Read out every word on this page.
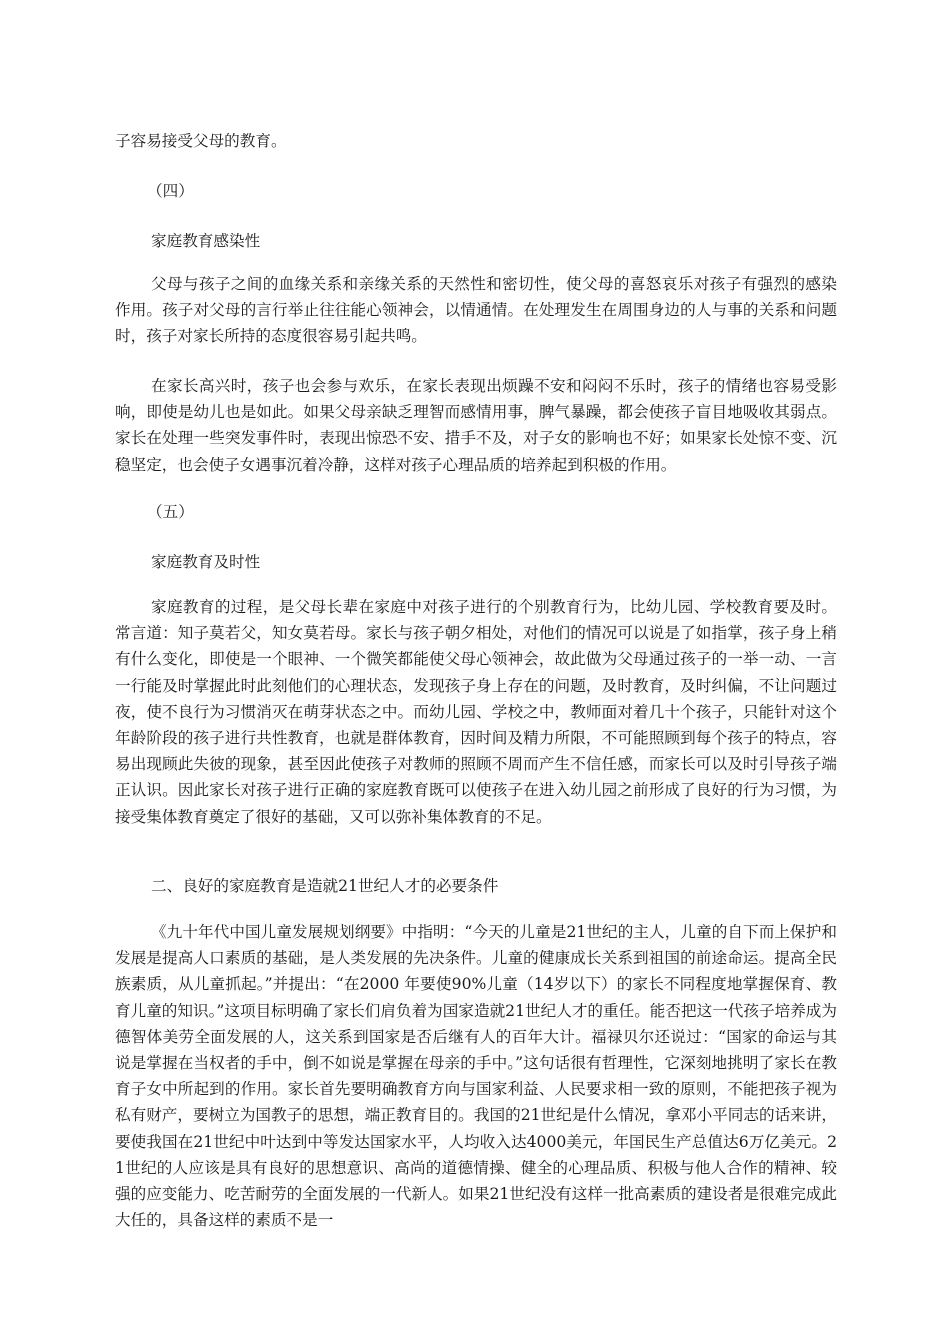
子容易接受父母的教育。

（四）

家庭教育感染性

父母与孩子之间的血缘关系和亲缘关系的天然性和密切性，使父母的喜怒哀乐对孩子有强烈的感染作用。孩子对父母的言行举止往往能心领神会，以情通情。在处理发生在周围身边的人与事的关系和问题时，孩子对家长所持的态度很容易引起共鸣。

在家长高兴时，孩子也会参与欢乐，在家长表现出烦躁不安和闷闷不乐时，孩子的情绪也容易受影响，即使是幼儿也是如此。如果父母亲缺乏理智而感情用事，脾气暴躁，都会使孩子盲目地吸收其弱点。家长在处理一些突发事件时，表现出惊恐不安、措手不及，对子女的影响也不好；如果家长处惊不变、沉稳坚定，也会使子女遇事沉着冷静，这样对孩子心理品质的培养起到积极的作用。

（五）

家庭教育及时性

家庭教育的过程，是父母长辈在家庭中对孩子进行的个别教育行为，比幼儿园、学校教育要及时。常言道：知子莫若父，知女莫若母。家长与孩子朝夕相处，对他们的情况可以说是了如指掌，孩子身上稍有什么变化，即使是一个眼神、一个微笑都能使父母心领神会，故此做为父母通过孩子的一举一动、一言一行能及时掌握此时此刻他们的心理状态，发现孩子身上存在的问题，及时教育，及时纠偏，不让问题过夜，使不良行为习惯消灭在萌芽状态之中。而幼儿园、学校之中，教师面对着几十个孩子，只能针对这个年龄阶段的孩子进行共性教育，也就是群体教育，因时间及精力所限，不可能照顾到每个孩子的特点，容易出现顾此失彼的现象，甚至因此使孩子对教师的照顾不周而产生不信任感，而家长可以及时引导孩子端正认识。因此家长对孩子进行正确的家庭教育既可以使孩子在进入幼儿园之前形成了良好的行为习惯，为接受集体教育奠定了很好的基础，又可以弥补集体教育的不足。

二、良好的家庭教育是造就21世纪人才的必要条件

《九十年代中国儿童发展规划纲要》中指明：“今天的儿童是21世纪的主人，儿童的自下而上保护和发展是提高人口素质的基础，是人类发展的先决条件。儿童的健康成长关系到祖国的前途命运。提高全民族素质，从儿童抓起。”并提出：“在2000 年要使90%儿童（14岁以下）的家长不同程度地掌握保育、教育儿童的知识。”这项目标明确了家长们肩负着为国家造就21世纪人才的重任。能否把这一代孩子培养成为德智体美劳全面发展的人，这关系到国家是否后继有人的百年大计。福禄贝尔还说过：“国家的命运与其说是掌握在当权者的手中，倒不如说是掌握在母亲的手中。”这句话很有哲理性，它深刻地挑明了家长在教育子女中所起到的作用。家长首先要明确教育方向与国家利益、人民要求相一致的原则，不能把孩子视为私有财产，要树立为国教子的思想，端正教育目的。我国的21世纪是什么情况，拿邓小平同志的话来讲，要使我国在21世纪中叶达到中等发达国家水平，人均收入达4000美元，年国民生产总值达6万亿美元。21世纪的人应该是具有良好的思想意识、高尚的道德情操、健全的心理品质、积极与他人合作的精神、较强的应变能力、吃苦耐劳的全面发展的一代新人。如果21世纪没有这样一批高素质的建设者是很难完成此大任的，具备这样的素质不是一
